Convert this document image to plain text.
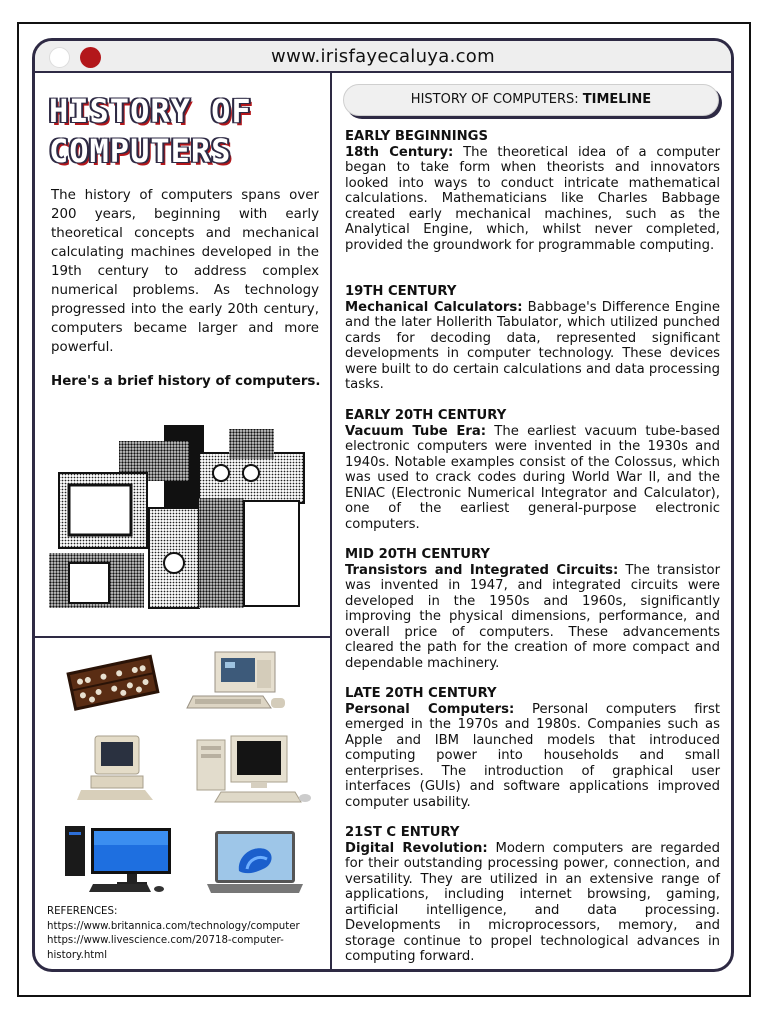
www.irisfayecaluya.com
HISTORY OF
COMPUTERS

The history of computers spans over 200 years, beginning with early theoretical concepts and mechanical calculating machines developed in the 19th century to address complex numerical problems. As technology progressed into the early 20th century, computers became larger and more powerful.

Here's a brief history of computers.

REFERENCES:
https://www.britannica.com/technology/computer
https://www.livescience.com/20718-computer-
history.html
HISTORY OF COMPUTERS: TIMELINE
EARLY BEGINNINGS
18th Century: The theoretical idea of a computer began to take form when theorists and innovators looked into ways to conduct intricate mathematical calculations. Mathematicians like Charles Babbage created early mechanical machines, such as the Analytical Engine, which, whilst never completed, provided the groundwork for programmable computing.
19TH CENTURY
Mechanical Calculators: Babbage's Difference Engine and the later Hollerith Tabulator, which utilized punched cards for decoding data, represented significant developments in computer technology. These devices were built to do certain calculations and data processing tasks.
EARLY 20TH CENTURY
Vacuum Tube Era: The earliest vacuum tube-based electronic computers were invented in the 1930s and 1940s. Notable examples consist of the Colossus, which was used to crack codes during World War II, and the ENIAC (Electronic Numerical Integrator and Calculator), one of the earliest general-purpose electronic computers.
MID 20TH CENTURY
Transistors and Integrated Circuits: The transistor was invented in 1947, and integrated circuits were developed in the 1950s and 1960s, significantly improving the physical dimensions, performance, and overall price of computers. These advancements cleared the path for the creation of more compact and dependable machinery.
LATE 20TH CENTURY
Personal Computers: Personal computers first emerged in the 1970s and 1980s. Companies such as Apple and IBM launched models that introduced computing power into households and small enterprises. The introduction of graphical user interfaces (GUIs) and software applications improved computer usability.
21ST C ENTURY
Digital Revolution: Modern computers are regarded for their outstanding processing power, connection, and versatility. They are utilized in an extensive range of applications, including internet browsing, gaming, artificial intelligence, and data processing. Developments in microprocessors, memory, and storage continue to propel technological advances in computing forward.
